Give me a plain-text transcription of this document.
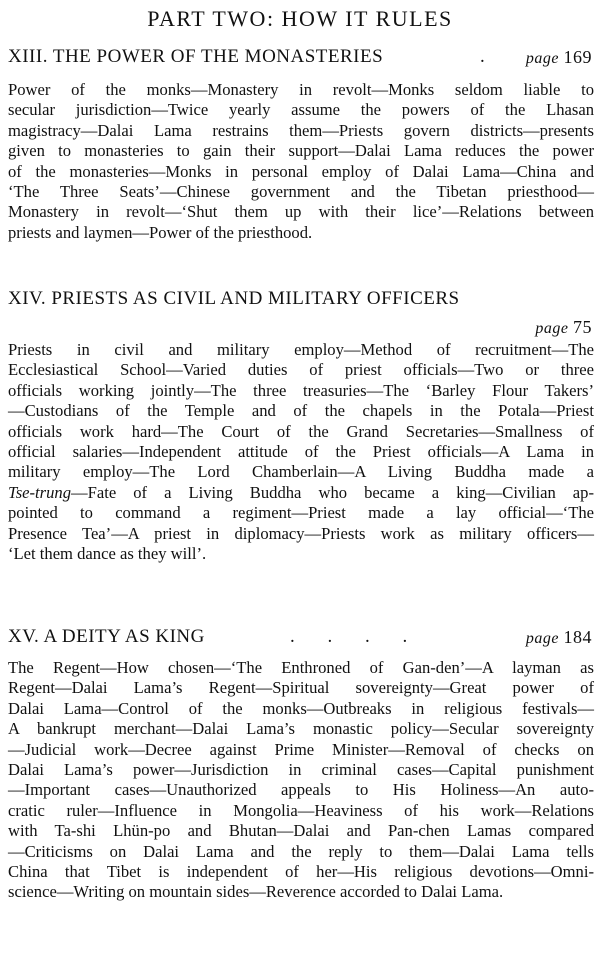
PART TWO: HOW IT RULES
XIII. THE POWER OF THE MONASTERIES	.	page 169
Power of the monks—Monastery in revolt—Monks seldom liable to
secular jurisdiction—Twice yearly assume the powers of the Lhasan
magistracy—Dalai Lama restrains them—Priests govern districts—presents
given to monasteries to gain their support—Dalai Lama reduces the power
of the monasteries—Monks in personal employ of Dalai Lama—China and
‘The Three Seats’—Chinese government and the Tibetan priesthood—
Monastery in revolt—‘Shut them up with their lice’—Relations between
priests and laymen—Power of the priesthood.
XIV. PRIESTS AS CIVIL AND MILITARY OFFICERS
page 75
Priests in civil and military employ—Method of recruitment—The
Ecclesiastical School—Varied duties of priest officials—Two or three
officials working jointly—The three treasuries—The ‘Barley Flour Takers’
—Custodians of the Temple and of the chapels in the Potala—Priest
officials work hard—The Court of the Grand Secretaries—Smallness of
official salaries—Independent attitude of the Priest officials—A Lama in
military employ—The Lord Chamberlain—A Living Buddha made a
Tse-trung—Fate of a Living Buddha who became a king—Civilian ap-
pointed to command a regiment—Priest made a lay official—‘The
Presence Tea’—A priest in diplomacy—Priests work as military officers—
‘Let them dance as they will’.
XV. A DEITY AS KING	. . . .	page 184
The Regent—How chosen—‘The Enthroned of Gan-den’—A layman as
Regent—Dalai Lama’s Regent—Spiritual sovereignty—Great power of
Dalai Lama—Control of the monks—Outbreaks in religious festivals—
A bankrupt merchant—Dalai Lama’s monastic policy—Secular sovereignty
—Judicial work—Decree against Prime Minister—Removal of checks on
Dalai Lama’s power—Jurisdiction in criminal cases—Capital punishment
—Important cases—Unauthorized appeals to His Holiness—An auto-
cratic ruler—Influence in Mongolia—Heaviness of his work—Relations
with Ta-shi Lhün-po and Bhutan—Dalai and Pan-chen Lamas compared
—Criticisms on Dalai Lama and the reply to them—Dalai Lama tells
China that Tibet is independent of her—His religious devotions—Omni-
science—Writing on mountain sides—Reverence accorded to Dalai Lama.
